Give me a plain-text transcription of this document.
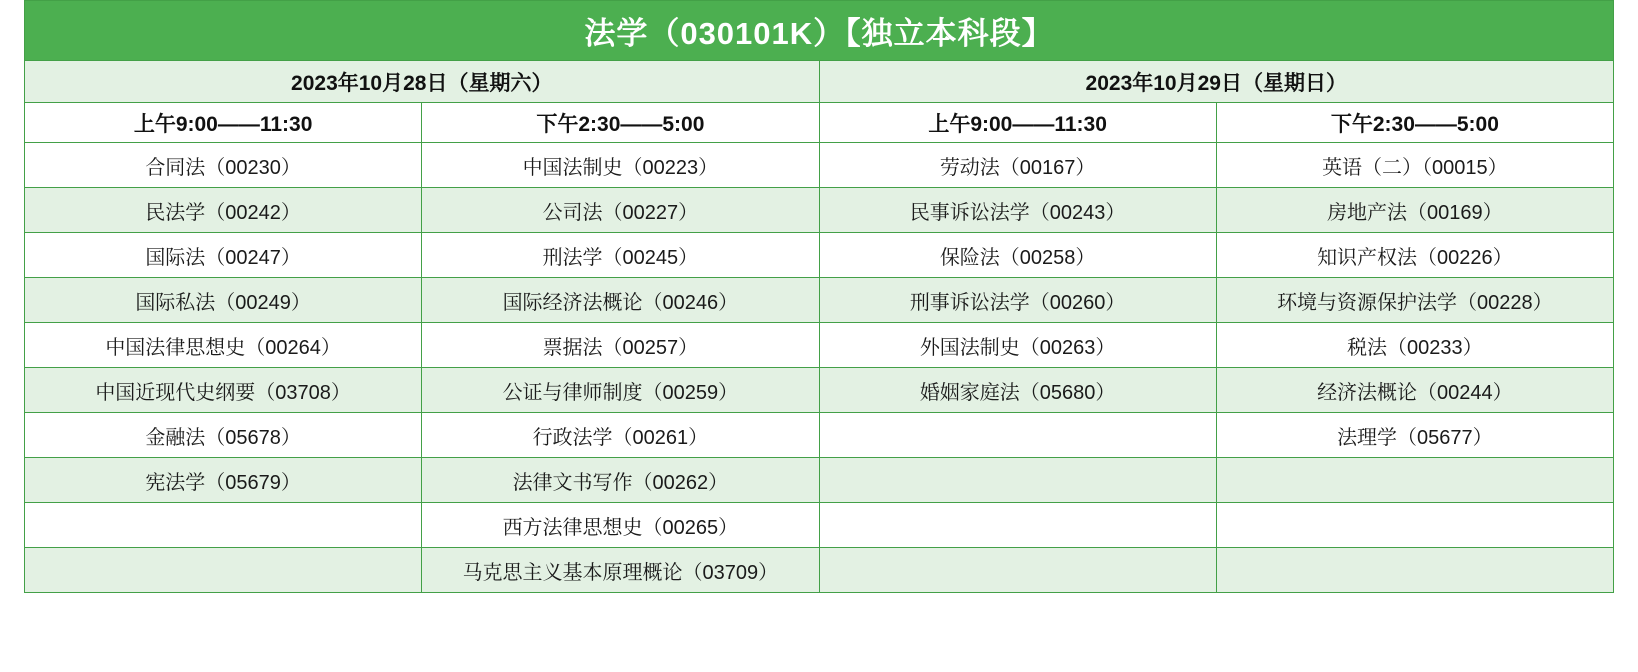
法学（030101K）【独立本科段】			
2023年10月28日（星期六）		2023年10月29日（星期日）	
上午9:00——11:30	下午2:30——5:00	上午9:00——11:30	下午2:30——5:00
合同法（00230）	中国法制史（00223）	劳动法（00167）	英语（二）（00015）
民法学（00242）	公司法（00227）	民事诉讼法学（00243）	房地产法（00169）
国际法（00247）	刑法学（00245）	保险法（00258）	知识产权法（00226）
国际私法（00249）	国际经济法概论（00246）	刑事诉讼法学（00260）	环境与资源保护法学（00228）
中国法律思想史（00264）	票据法（00257）	外国法制史（00263）	税法（00233）
中国近现代史纲要（03708）	公证与律师制度（00259）	婚姻家庭法（05680）	经济法概论（00244）
金融法（05678）	行政法学（00261）		法理学（05677）
宪法学（05679）	法律文书写作（00262）		
	西方法律思想史（00265）		
	马克思主义基本原理概论（03709）		
